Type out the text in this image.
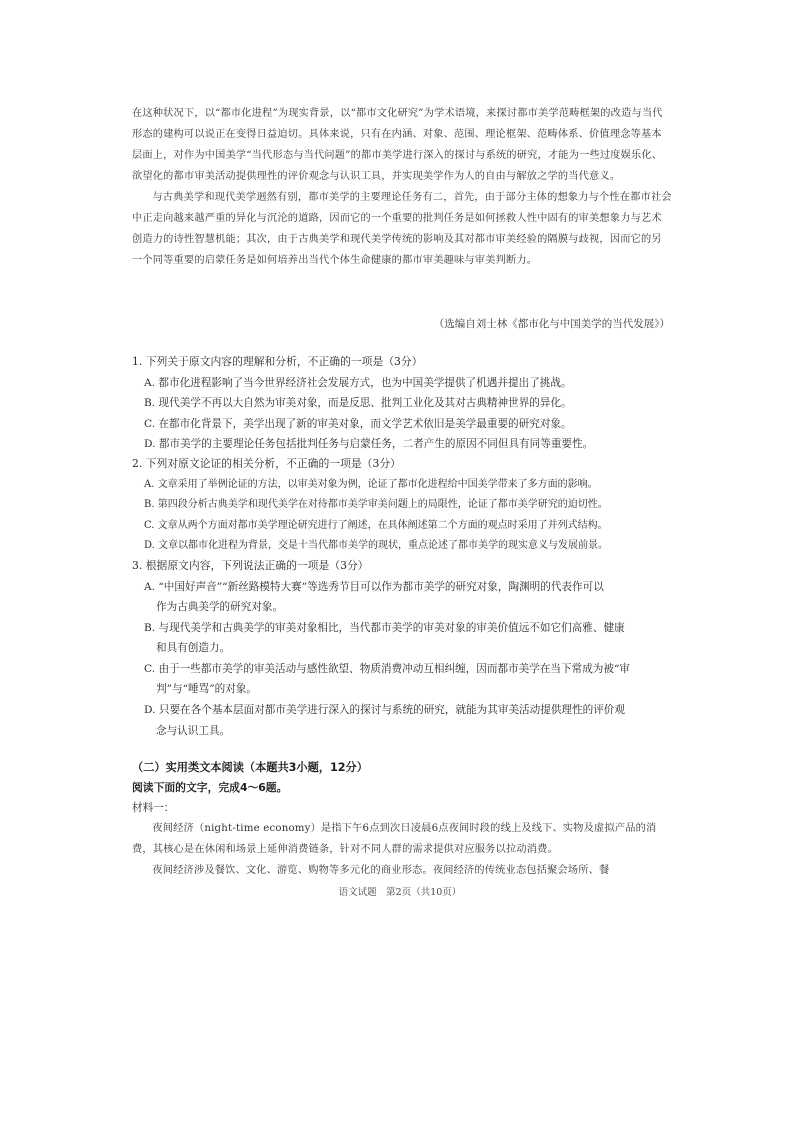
在这种状况下，以“都市化进程”为现实背景，以“都市文化研究”为学术语境，来探讨都市美学范畴框架的改造与当代形态的建构可以说正在变得日益迫切。具体来说，只有在内涵、对象、范围、理论框架、范畴体系、价值理念等基本层面上，对作为中国美学“当代形态与当代问题”的都市美学进行深入的探讨与系统的研究，才能为一些过度娱乐化、欲望化的都市审美活动提供理性的评价观念与认识工具，并实现美学作为人的自由与解放之学的当代意义。

与古典美学和现代美学迥然有别，都市美学的主要理论任务有二，首先，由于部分主体的想象力与个性在都市社会中正走向越来越严重的异化与沉沦的道路，因而它的一个重要的批判任务是如何拯救人性中固有的审美想象力与艺术创造力的诗性智慧机能；其次，由于古典美学和现代美学传统的影响及其对都市审美经验的隔膜与歧视，因而它的另一个同等重要的启蒙任务是如何培养出当代个体生命健康的都市审美趣味与审美判断力。

（选编自刘士林《都市化与中国美学的当代发展》）

1. 下列关于原文内容的理解和分析，不正确的一项是（3分）

A. 都市化进程影响了当今世界经济社会发展方式，也为中国美学提供了机遇并提出了挑战。

B. 现代美学不再以大自然为审美对象，而是反思、批判工业化及其对古典精神世界的异化。

C. 在都市化背景下，美学出现了新的审美对象，而文学艺术依旧是美学最重要的研究对象。

D. 都市美学的主要理论任务包括批判任务与启蒙任务，二者产生的原因不同但具有同等重要性。

2. 下列对原文论证的相关分析，不正确的一项是（3分）

A. 文章采用了举例论证的方法，以审美对象为例，论证了都市化进程给中国美学带来了多方面的影响。

B. 第四段分析古典美学和现代美学在对待都市美学审美问题上的局限性，论证了都市美学研究的迫切性。

C. 文章从两个方面对都市美学理论研究进行了阐述，在具体阐述第二个方面的观点时采用了并列式结构。

D. 文章以都市化进程为背景，交是十当代都市美学的现状，重点论述了都市美学的现实意义与发展前景。

3. 根据原文内容，下列说法正确的一项是（3分）

A. “中国好声音”“新丝路模特大赛”等选秀节目可以作为都市美学的研究对象，陶渊明的代表作可以
作为古典美学的研究对象。

B. 与现代美学和古典美学的审美对象相比，当代都市美学的审美对象的审美价值远不如它们高雅、健康
和具有创造力。

C. 由于一些都市美学的审美活动与感性欲望、物质消费冲动互相纠缠，因而都市美学在当下常成为被“审
判”与“唾骂”的对象。

D. 只要在各个基本层面对都市美学进行深入的探讨与系统的研究，就能为其审美活动提供理性的评价观
念与认识工具。

（二）实用类文本阅读（本题共3小题，12分）

阅读下面的文字，完成4～6题。

材料一：

夜间经济（night-time economy）是指下午6点到次日凌晨6点夜间时段的线上及线下、实物及虚拟产品的消费，其核心是在休闲和场景上延伸消费链条，针对不同人群的需求提供对应服务以拉动消费。

夜间经济涉及餐饮、文化、游览、购物等多元化的商业形态。夜间经济的传统业态包括聚会场所、餐

语文试题　第2页（共10页）
